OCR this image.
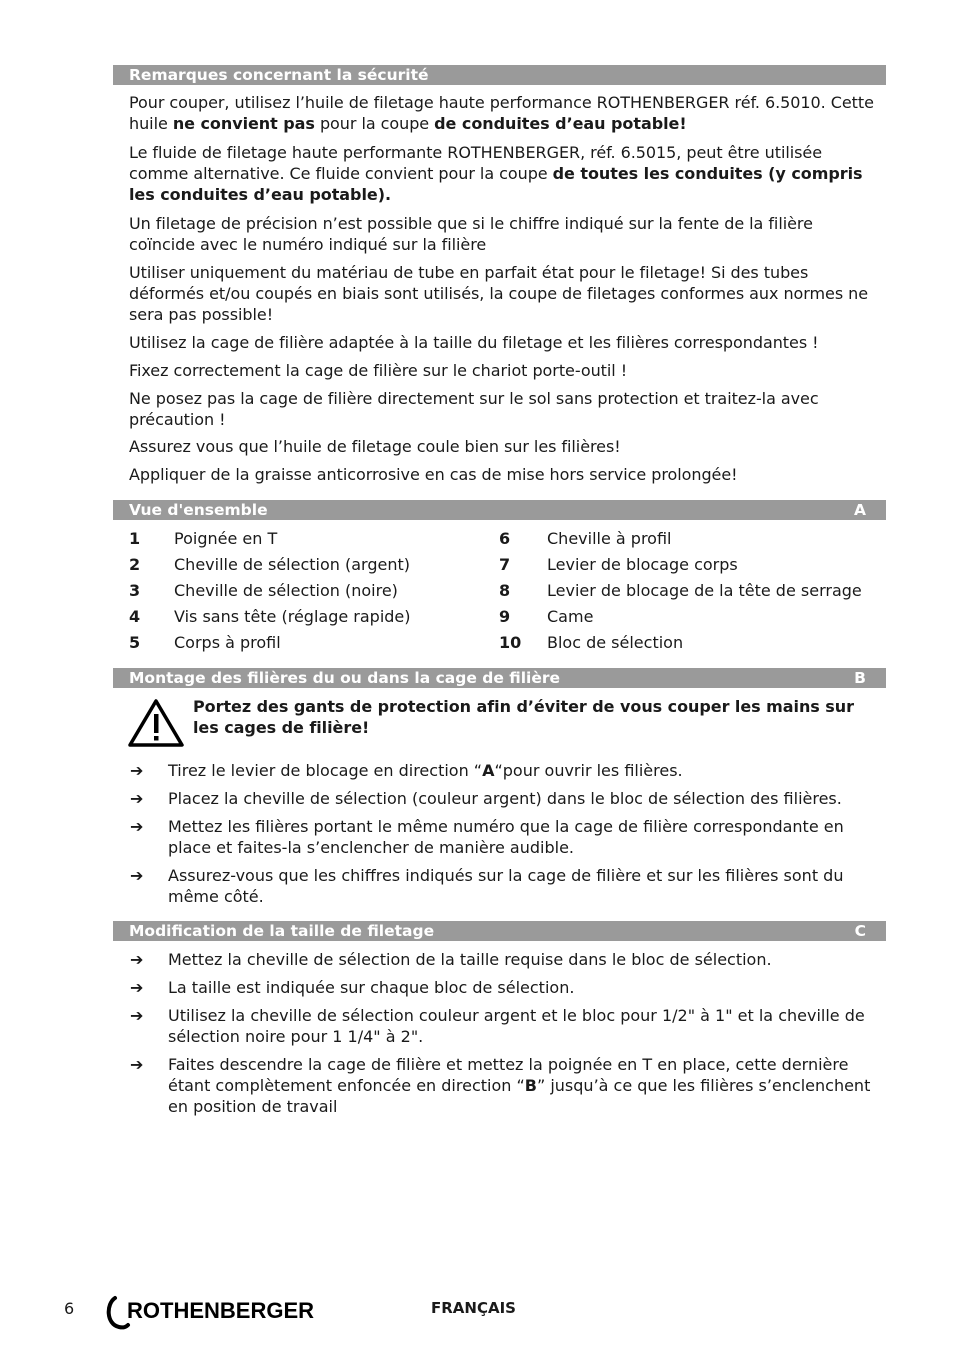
Remarques concernant la sécurité

Pour couper, utilisez l’huile de filetage haute performance ROTHENBERGER réf. 6.5010. Cette huile ne convient pas pour la coupe de conduites d’eau potable!

Le fluide de filetage haute performante ROTHENBERGER, réf. 6.5015, peut être utilisée comme alternative. Ce fluide convient pour la coupe de toutes les conduites (y compris les conduites d’eau potable).

Un filetage de précision n’est possible que si le chiffre indiqué sur la fente de la filière coïncide avec le numéro indiqué sur la filière

Utiliser uniquement du matériau de tube en parfait état pour le filetage! Si des tubes déformés et/ou coupés en biais sont utilisés, la coupe de filetages conformes aux normes ne sera pas possible!

Utilisez la cage de filière adaptée à la taille du filetage et les filières correspondantes !

Fixez correctement la cage de filière sur le chariot porte-outil !

Ne posez pas la cage de filière directement sur le sol sans protection et traitez-la avec précaution !

Assurez vous que l’huile de filetage coule bien sur les filières!

Appliquer de la graisse anticorrosive en cas de mise hors service prolongée!

Vue d'ensemble	A
1 Poignée en T
2 Cheville de sélection (argent)
3 Cheville de sélection (noire)
4 Vis sans tête (réglage rapide)
5 Corps à profil
6 Cheville à profil
7 Levier de blocage corps
8 Levier de blocage de la tête de serrage
9 Came
10 Bloc de sélection
Montage des filières du ou dans la cage de filière	B

Portez des gants de protection afin d’éviter de vous couper les mains sur les cages de filière!

➔	Tirez le levier de blocage en direction “A“pour ouvrir les filières.

➔	Placez la cheville de sélection (couleur argent) dans le bloc de sélection des filières.

➔	Mettez les filières portant le même numéro que la cage de filière correspondante en place et faites-la s’enclencher de manière audible.

➔	Assurez-vous que les chiffres indiqués sur la cage de filière et sur les filières sont du même côté.

Modification de la taille de filetage	C
➔	Mettez la cheville de sélection de la taille requise dans le bloc de sélection.

➔	La taille est indiquée sur chaque bloc de sélection.

➔	Utilisez la cheville de sélection couleur argent et le bloc pour 1/2" à 1" et la cheville de sélection noire pour 1 1/4" à 2".

➔	Faites descendre la cage de filière et mettez la poignée en T en place, cette dernière étant complètement enfoncée en direction “B” jusqu’à ce que les filières s’enclenchent en position de travail

6 ROTHENBERGER	FRANÇAIS
